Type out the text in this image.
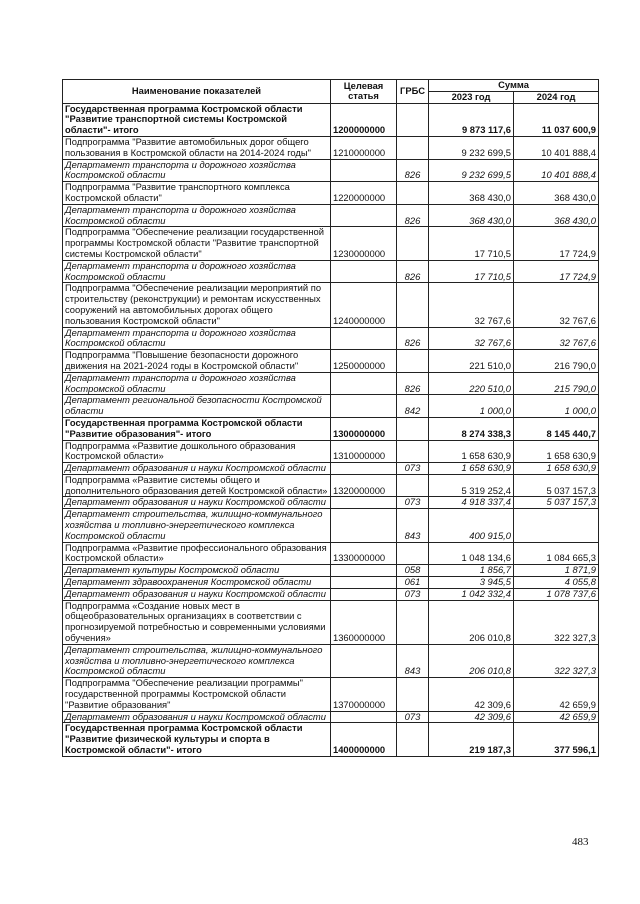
Наименование показателей	Целевая статья	ГРБС	Сумма	
			2023 год	2024 год
Государственная программа Костромской области "Развитие транспортной системы Костромской области"- итого	1200000000		9 873 117,6	11 037 600,9
Подпрограмма "Развитие автомобильных дорог общего пользования в Костромской области на 2014-2024 годы"	1210000000		9 232 699,5	10 401 888,4
Департамент транспорта и дорожного хозяйства Костромской области		826	9 232 699,5	10 401 888,4
Подпрограмма "Развитие транспортного комплекса Костромской области"	1220000000		368 430,0	368 430,0
Департамент транспорта и дорожного хозяйства Костромской области		826	368 430,0	368 430,0
Подпрограмма "Обеспечение реализации государственной программы Костромской области "Развитие транспортной системы Костромской области"	1230000000		17 710,5	17 724,9
Департамент транспорта и дорожного хозяйства Костромской области		826	17 710,5	17 724,9
Подпрограмма "Обеспечение реализации мероприятий по строительству (реконструкции) и ремонтам искусственных сооружений на автомобильных дорогах общего пользования Костромской области"	1240000000		32 767,6	32 767,6
Департамент транспорта и дорожного хозяйства Костромской области		826	32 767,6	32 767,6
Подпрограмма "Повышение безопасности дорожного движения на 2021-2024 годы в Костромской области"	1250000000		221 510,0	216 790,0
Департамент транспорта и дорожного хозяйства Костромской области		826	220 510,0	215 790,0
Департамент региональной безопасности Костромской области		842	1 000,0	1 000,0
Государственная программа Костромской области "Развитие образования"- итого	1300000000		8 274 338,3	8 145 440,7
Подпрограмма «Развитие дошкольного образования Костромской области»	1310000000		1 658 630,9	1 658 630,9
Департамент образования и науки Костромской области		073	1 658 630,9	1 658 630,9
Подпрограмма «Развитие системы общего и дополнительного образования детей Костромской области»	1320000000		5 319 252,4	5 037 157,3
Департамент образования и науки Костромской области		073	4 918 337,4	5 037 157,3
Департамент строительства, жилищно-коммунального хозяйства и топливно-энергетического комплекса Костромской области		843	400 915,0	
Подпрограмма «Развитие профессионального образования Костромской области»	1330000000		1 048 134,6	1 084 665,3
Департамент культуры Костромской области		058	1 856,7	1 871,9
Департамент здравоохранения Костромской области		061	3 945,5	4 055,8
Департамент образования и науки Костромской области		073	1 042 332,4	1 078 737,6
Подпрограмма «Создание новых мест в общеобразовательных организациях в соответствии с прогнозируемой потребностью и современными условиями обучения»	1360000000		206 010,8	322 327,3
Департамент строительства, жилищно-коммунального хозяйства и топливно-энергетического комплекса Костромской области		843	206 010,8	322 327,3
Подпрограмма "Обеспечение реализации программы" государственной программы Костромской области "Развитие образования"	1370000000		42 309,6	42 659,9
Департамент образования и науки Костромской области		073	42 309,6	42 659,9
Государственная программа Костромской области "Развитие физической культуры и спорта в Костромской области"- итого	1400000000		219 187,3	377 596,1
483
